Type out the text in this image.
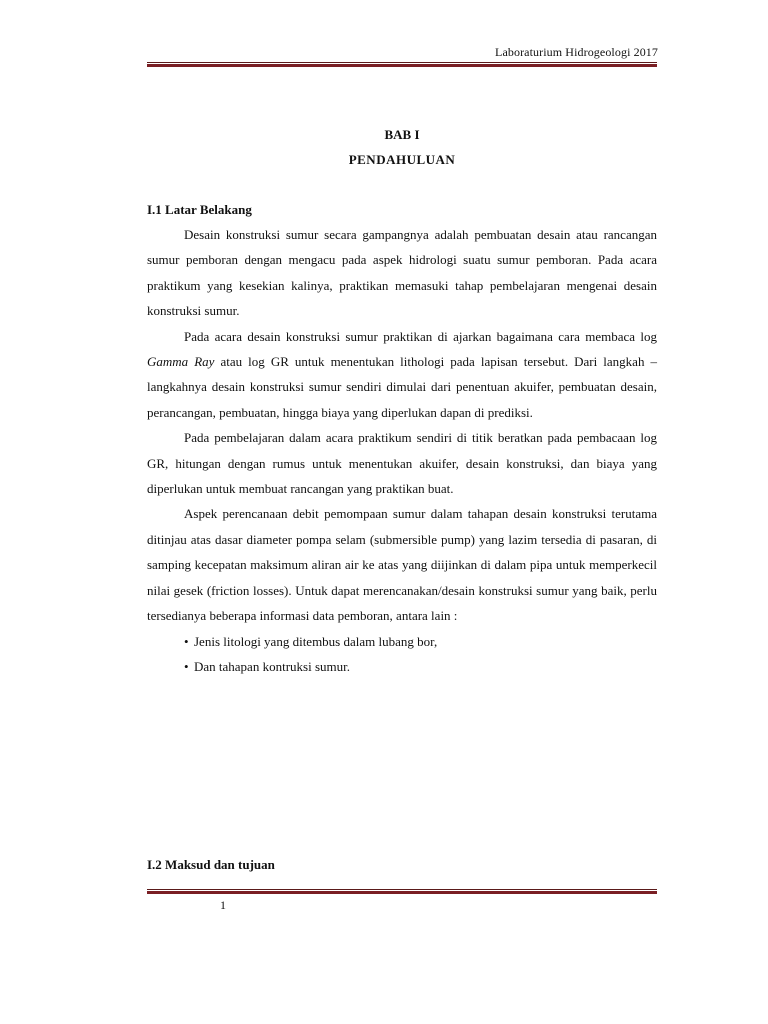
Laboraturium Hidrogeologi 2017
BAB I
PENDAHULUAN
I.1 Latar Belakang

Desain konstruksi sumur secara gampangnya adalah pembuatan desain atau rancangan sumur pemboran dengan mengacu pada aspek hidrologi suatu sumur pemboran. Pada acara praktikum yang kesekian kalinya, praktikan memasuki tahap pembelajaran mengenai desain konstruksi sumur.

Pada acara desain konstruksi sumur praktikan di ajarkan bagaimana cara membaca log Gamma Ray atau log GR untuk menentukan lithologi pada lapisan tersebut. Dari langkah – langkahnya desain konstruksi sumur sendiri dimulai dari penentuan akuifer, pembuatan desain, perancangan, pembuatan, hingga biaya yang diperlukan dapan di prediksi.

Pada pembelajaran dalam acara praktikum sendiri di titik beratkan pada pembacaan log GR, hitungan dengan rumus untuk menentukan akuifer, desain konstruksi, dan biaya yang diperlukan untuk membuat rancangan yang praktikan buat.

Aspek perencanaan debit pemompaan sumur dalam tahapan desain konstruksi terutama ditinjau atas dasar diameter pompa selam (submersible pump) yang lazim tersedia di pasaran, di samping kecepatan maksimum aliran air ke atas yang diijinkan di dalam pipa untuk memperkecil nilai gesek (friction losses). Untuk dapat merencanakan/desain konstruksi sumur yang baik, perlu tersedianya beberapa informasi data pemboran, antara lain :

• Jenis litologi yang ditembus dalam lubang bor,
• Dan tahapan kontruksi sumur.
I.2 Maksud dan tujuan
1
